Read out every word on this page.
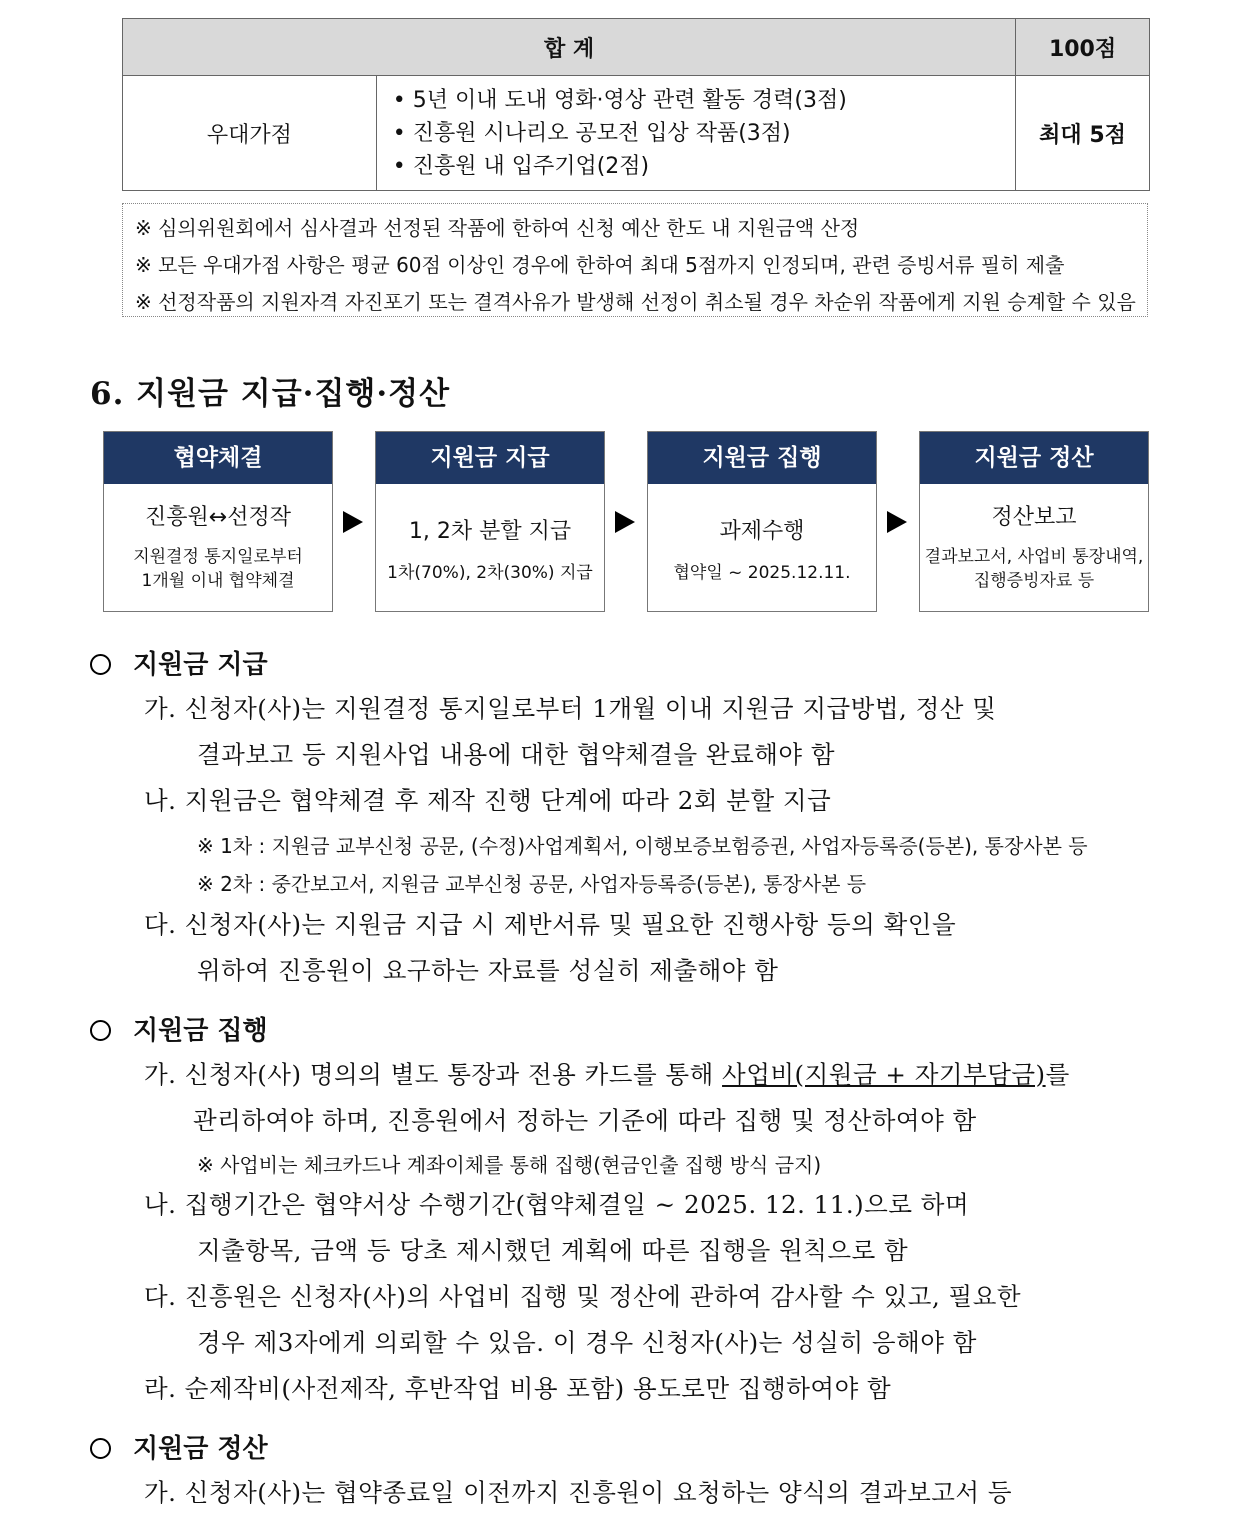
합 계		100점
우대가점	• 5년 이내 도내 영화·영상 관련 활동 경력(3점)
• 진흥원 시나리오 공모전 입상 작품(3점)
• 진흥원 내 입주기업(2점)	최대 5점
※ 심의위원회에서 심사결과 선정된 작품에 한하여 신청 예산 한도 내 지원금액 산정
※ 모든 우대가점 사항은 평균 60점 이상인 경우에 한하여 최대 5점까지 인정되며, 관련 증빙서류 필히 제출
※ 선정작품의 지원자격 자진포기 또는 결격사유가 발생해 선정이 취소될 경우 차순위 작품에게 지원 승계할 수 있음
6. 지원금 지급·집행·정산
협약체결
진흥원↔선정작
지원결정 통지일로부터
1개월 이내 협약체결
지원금 지급
1, 2차 분할 지급
1차(70%), 2차(30%) 지급
지원금 집행
과제수행
협약일 ~ 2025.12.11.
지원금 정산
정산보고
결과보고서, 사업비 통장내역,
집행증빙자료 등
지원금 지급
가. 신청자(사)는 지원결정 통지일로부터 1개월 이내 지원금 지급방법, 정산 및
결과보고 등 지원사업 내용에 대한 협약체결을 완료해야 함
나. 지원금은 협약체결 후 제작 진행 단계에 따라 2회 분할 지급
※ 1차 : 지원금 교부신청 공문, (수정)사업계획서, 이행보증보험증권, 사업자등록증(등본), 통장사본 등
※ 2차 : 중간보고서, 지원금 교부신청 공문, 사업자등록증(등본), 통장사본 등
다. 신청자(사)는 지원금 지급 시 제반서류 및 필요한 진행사항 등의 확인을
위하여 진흥원이 요구하는 자료를 성실히 제출해야 함
지원금 집행
가. 신청자(사) 명의의 별도 통장과 전용 카드를 통해 사업비(지원금 + 자기부담금)를
관리하여야 하며, 진흥원에서 정하는 기준에 따라 집행 및 정산하여야 함
※ 사업비는 체크카드나 계좌이체를 통해 집행(현금인출 집행 방식 금지)
나. 집행기간은 협약서상 수행기간(협약체결일 ~ 2025. 12. 11.)으로 하며
지출항목, 금액 등 당초 제시했던 계획에 따른 집행을 원칙으로 함
다. 진흥원은 신청자(사)의 사업비 집행 및 정산에 관하여 감사할 수 있고, 필요한
경우 제3자에게 의뢰할 수 있음. 이 경우 신청자(사)는 성실히 응해야 함
라. 순제작비(사전제작, 후반작업 비용 포함) 용도로만 집행하여야 함
지원금 정산
가. 신청자(사)는 협약종료일 이전까지 진흥원이 요청하는 양식의 결과보고서 등
